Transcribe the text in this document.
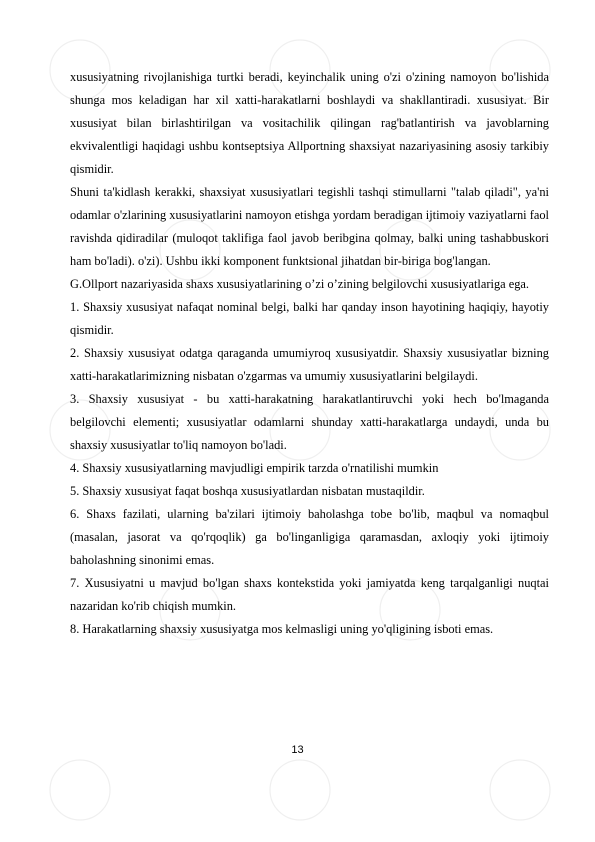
xususiyatning rivojlanishiga turtki beradi, keyinchalik uning o'zi o'zining namoyon bo'lishida shunga mos keladigan har xil xatti-harakatlarni boshlaydi va shakllantiradi. xususiyat. Bir xususiyat bilan birlashtirilgan va vositachilik qilingan rag'batlantirish va javoblarning ekvivalentligi haqidagi ushbu kontseptsiya Allportning shaxsiyat nazariyasining asosiy tarkibiy qismidir.

Shuni ta'kidlash kerakki, shaxsiyat xususiyatlari tegishli tashqi stimullarni "talab qiladi", ya'ni odamlar o'zlarining xususiyatlarini namoyon etishga yordam beradigan ijtimoiy vaziyatlarni faol ravishda qidiradilar (muloqot taklifiga faol javob beribgina qolmay, balki uning tashabbuskori ham bo'ladi). o'zi). Ushbu ikki komponent funktsional jihatdan bir-biriga bog'langan.

G.Ollport nazariyasida shaxs xususiyatlarining o’zi o’zining belgilovchi xususiyatlariga ega.

1. Shaxsiy xususiyat nafaqat nominal belgi, balki har qanday inson hayotining haqiqiy, hayotiy qismidir.

2. Shaxsiy xususiyat odatga qaraganda umumiyroq xususiyatdir. Shaxsiy xususiyatlar bizning xatti-harakatlarimizning nisbatan o'zgarmas va umumiy xususiyatlarini belgilaydi.

3. Shaxsiy xususiyat - bu xatti-harakatning harakatlantiruvchi yoki hech bo'lmaganda belgilovchi elementi; xususiyatlar odamlarni shunday xatti-harakatlarga undaydi, unda bu shaxsiy xususiyatlar to'liq namoyon bo'ladi.

4. Shaxsiy xususiyatlarning mavjudligi empirik tarzda o'rnatilishi mumkin

5. Shaxsiy xususiyat faqat boshqa xususiyatlardan nisbatan mustaqildir.

6. Shaxs fazilati, ularning ba'zilari ijtimoiy baholashga tobe bo'lib, maqbul va nomaqbul (masalan, jasorat va qo'rqoqlik) ga bo'linganligiga qaramasdan, axloqiy yoki ijtimoiy baholashning sinonimi emas.

7. Xususiyatni u mavjud bo'lgan shaxs kontekstida yoki jamiyatda keng tarqalganligi nuqtai nazaridan ko'rib chiqish mumkin.

8. Harakatlarning shaxsiy xususiyatga mos kelmasligi uning yo'qligining isboti emas.

13
